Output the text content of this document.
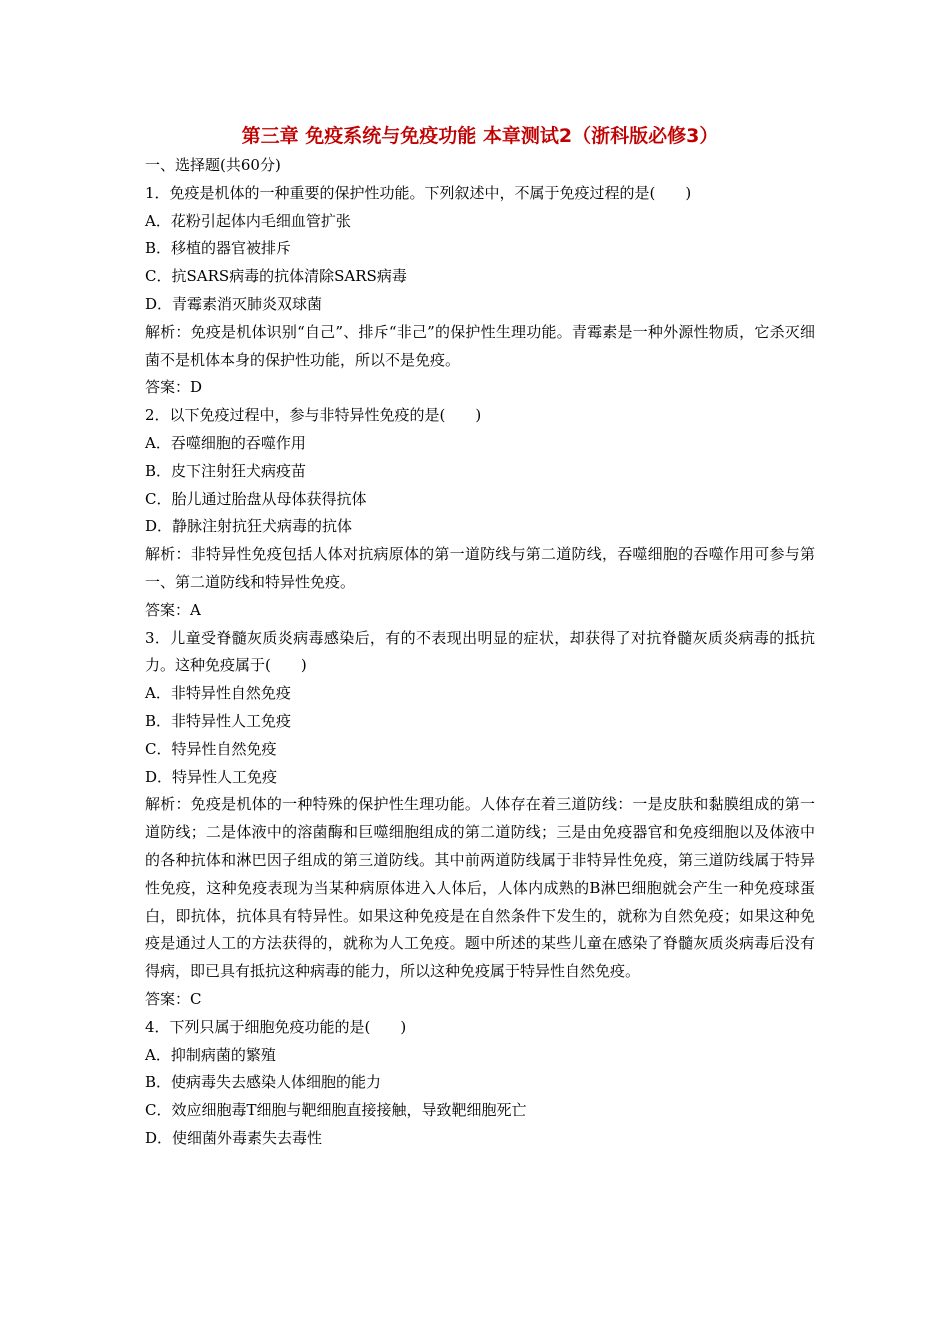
第三章 免疫系统与免疫功能 本章测试2（浙科版必修3）
一、选择题(共60分)
1．免疫是机体的一种重要的保护性功能。下列叙述中，不属于免疫过程的是(　　)
A．花粉引起体内毛细血管扩张
B．移植的器官被排斥
C．抗SARS病毒的抗体清除SARS病毒
D．青霉素消灭肺炎双球菌
解析：免疫是机体识别“自己”、排斥“非己”的保护性生理功能。青霉素是一种外源性物质，它杀灭细菌不是机体本身的保护性功能，所以不是免疫。
答案：D
2．以下免疫过程中，参与非特异性免疫的是(　　)
A．吞噬细胞的吞噬作用
B．皮下注射狂犬病疫苗
C．胎儿通过胎盘从母体获得抗体
D．静脉注射抗狂犬病毒的抗体
解析：非特异性免疫包括人体对抗病原体的第一道防线与第二道防线，吞噬细胞的吞噬作用可参与第一、第二道防线和特异性免疫。
答案：A
3．儿童受脊髓灰质炎病毒感染后，有的不表现出明显的症状，却获得了对抗脊髓灰质炎病毒的抵抗力。这种免疫属于(　　)
A．非特异性自然免疫
B．非特异性人工免疫
C．特异性自然免疫
D．特异性人工免疫
解析：免疫是机体的一种特殊的保护性生理功能。人体存在着三道防线：一是皮肤和黏膜组成的第一道防线；二是体液中的溶菌酶和巨噬细胞组成的第二道防线；三是由免疫器官和免疫细胞以及体液中的各种抗体和淋巴因子组成的第三道防线。其中前两道防线属于非特异性免疫，第三道防线属于特异性免疫，这种免疫表现为当某种病原体进入人体后，人体内成熟的B淋巴细胞就会产生一种免疫球蛋白，即抗体，抗体具有特异性。如果这种免疫是在自然条件下发生的，就称为自然免疫；如果这种免疫是通过人工的方法获得的，就称为人工免疫。题中所述的某些儿童在感染了脊髓灰质炎病毒后没有得病，即已具有抵抗这种病毒的能力，所以这种免疫属于特异性自然免疫。
答案：C
4．下列只属于细胞免疫功能的是(　　)
A．抑制病菌的繁殖
B．使病毒失去感染人体细胞的能力
C．效应细胞毒T细胞与靶细胞直接接触，导致靶细胞死亡
D．使细菌外毒素失去毒性
